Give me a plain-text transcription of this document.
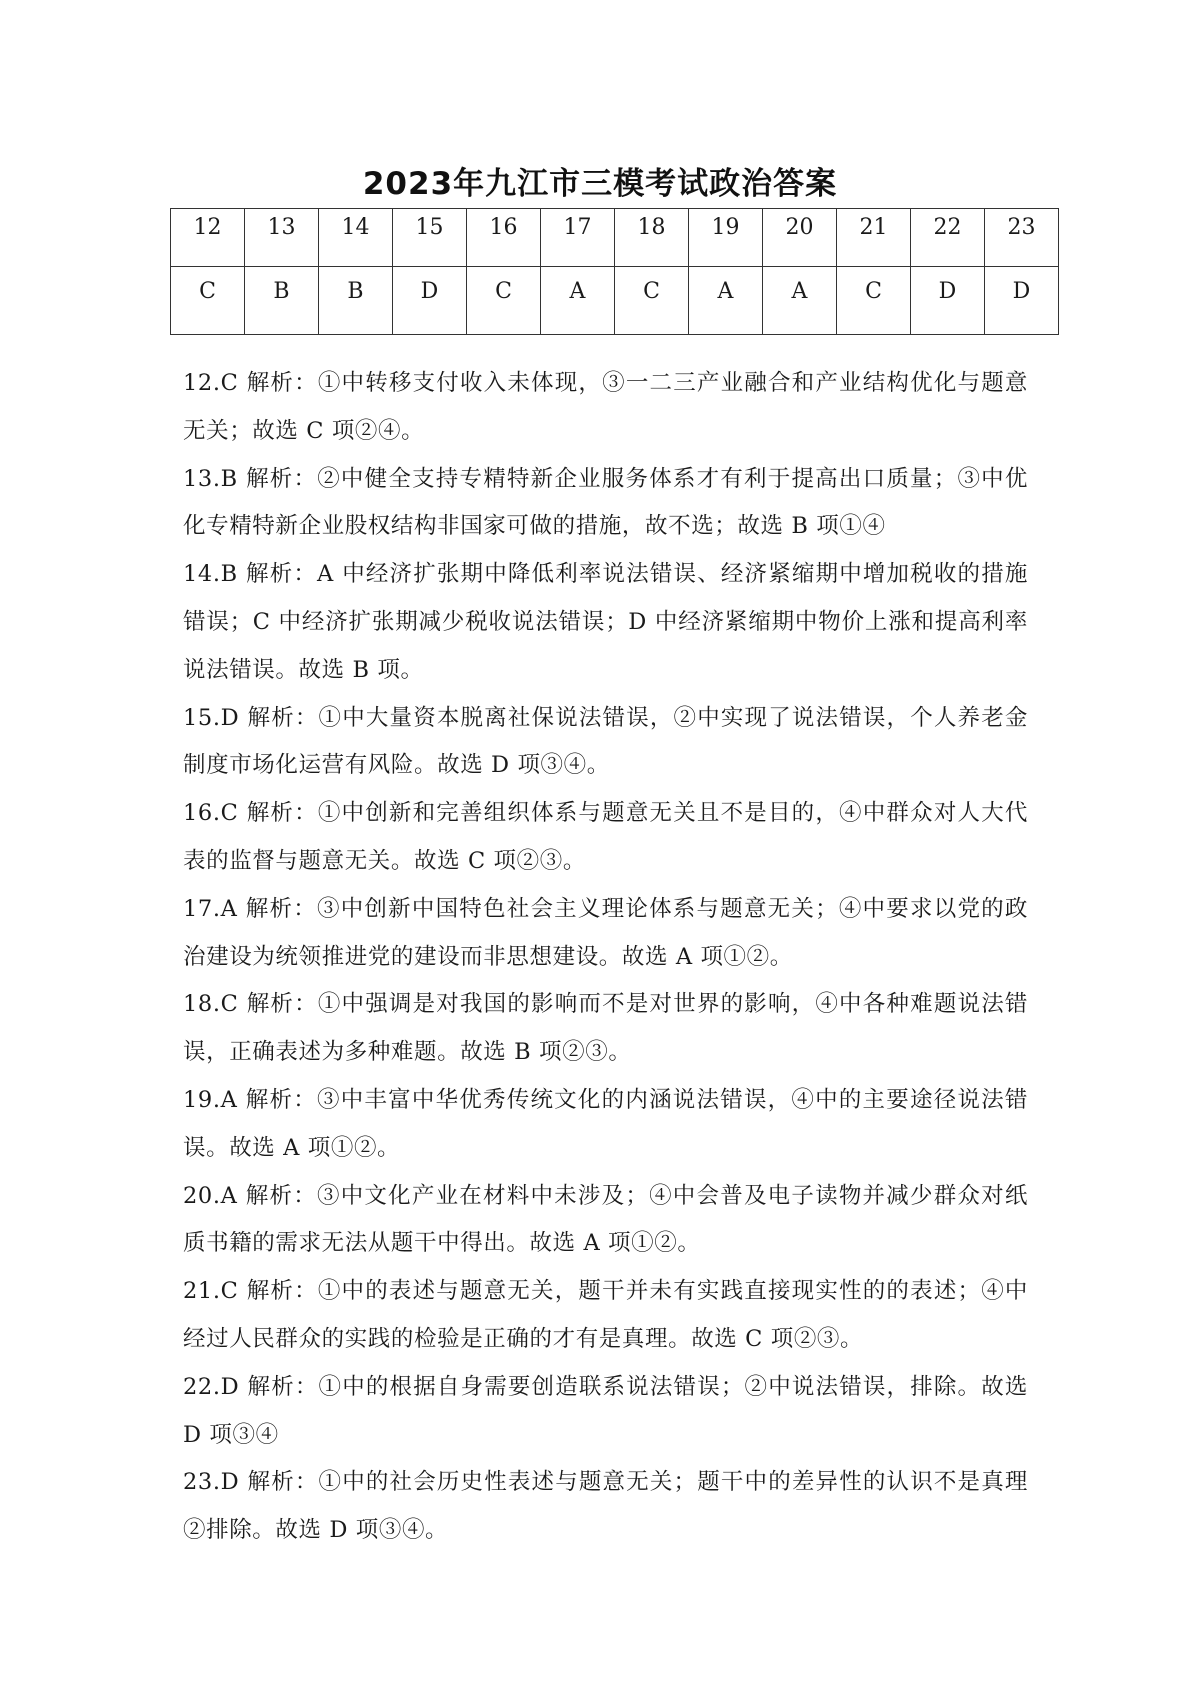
2023年九江市三模考试政治答案
12	13	14	15	16	17	18	19	20	21	22	23
C	B	B	D	C	A	C	A	A	C	D	D

12.C 解析：①中转移支付收入未体现，③一二三产业融合和产业结构优化与题意无关；故选 C 项②④。

13.B 解析：②中健全支持专精特新企业服务体系才有利于提高出口质量；③中优化专精特新企业股权结构非国家可做的措施，故不选；故选 B 项①④

14.B 解析：A 中经济扩张期中降低利率说法错误、经济紧缩期中增加税收的措施错误；C 中经济扩张期减少税收说法错误；D 中经济紧缩期中物价上涨和提高利率说法错误。故选 B 项。

15.D 解析：①中大量资本脱离社保说法错误，②中实现了说法错误，个人养老金制度市场化运营有风险。故选 D 项③④。

16.C 解析：①中创新和完善组织体系与题意无关且不是目的，④中群众对人大代表的监督与题意无关。故选 C 项②③。

17.A 解析：③中创新中国特色社会主义理论体系与题意无关；④中要求以党的政治建设为统领推进党的建设而非思想建设。故选 A 项①②。

18.C 解析：①中强调是对我国的影响而不是对世界的影响，④中各种难题说法错误，正确表述为多种难题。故选 B 项②③。

19.A 解析：③中丰富中华优秀传统文化的内涵说法错误，④中的主要途径说法错误。故选 A 项①②。

20.A 解析：③中文化产业在材料中未涉及；④中会普及电子读物并减少群众对纸质书籍的需求无法从题干中得出。故选 A 项①②。

21.C 解析：①中的表述与题意无关，题干并未有实践直接现实性的的表述；④中经过人民群众的实践的检验是正确的才有是真理。故选 C 项②③。

22.D 解析：①中的根据自身需要创造联系说法错误；②中说法错误，排除。故选 D 项③④

23.D 解析：①中的社会历史性表述与题意无关；题干中的差异性的认识不是真理②排除。故选 D 项③④。
